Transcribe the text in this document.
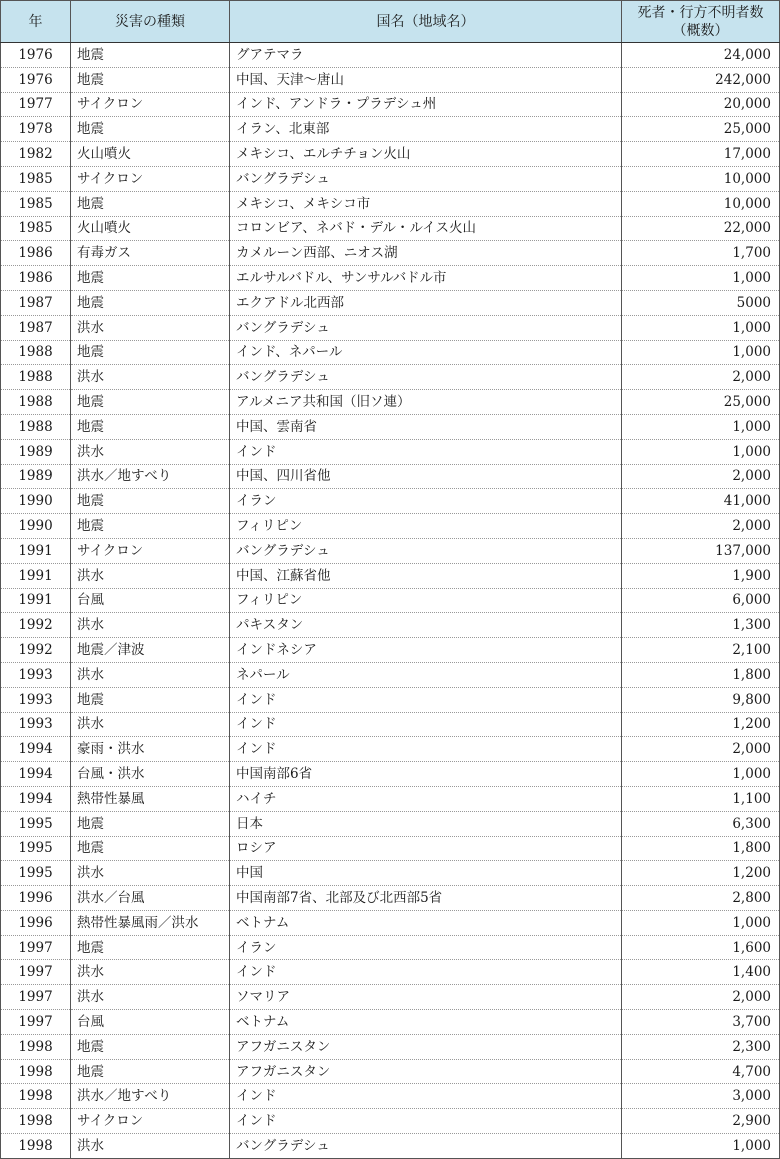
年	災害の種類	国名（地域名）	死者・行方不明者数
（概数）
1976	地震	グアテマラ	24,000
1976	地震	中国、天津～唐山	242,000
1977	サイクロン	インド、アンドラ・プラデシュ州	20,000
1978	地震	イラン、北東部	25,000
1982	火山噴火	メキシコ、エルチチョン火山	17,000
1985	サイクロン	バングラデシュ	10,000
1985	地震	メキシコ、メキシコ市	10,000
1985	火山噴火	コロンビア、ネバド・デル・ルイス火山	22,000
1986	有毒ガス	カメルーン西部、ニオス湖	1,700
1986	地震	エルサルバドル、サンサルバドル市	1,000
1987	地震	エクアドル北西部	5000
1987	洪水	バングラデシュ	1,000
1988	地震	インド、ネパール	1,000
1988	洪水	バングラデシュ	2,000
1988	地震	アルメニア共和国（旧ソ連）	25,000
1988	地震	中国、雲南省	1,000
1989	洪水	インド	1,000
1989	洪水／地すべり	中国、四川省他	2,000
1990	地震	イラン	41,000
1990	地震	フィリピン	2,000
1991	サイクロン	バングラデシュ	137,000
1991	洪水	中国、江蘇省他	1,900
1991	台風	フィリピン	6,000
1992	洪水	パキスタン	1,300
1992	地震／津波	インドネシア	2,100
1993	洪水	ネパール	1,800
1993	地震	インド	9,800
1993	洪水	インド	1,200
1994	豪雨・洪水	インド	2,000
1994	台風・洪水	中国南部6省	1,000
1994	熱帯性暴風	ハイチ	1,100
1995	地震	日本	6,300
1995	地震	ロシア	1,800
1995	洪水	中国	1,200
1996	洪水／台風	中国南部7省、北部及び北西部5省	2,800
1996	熱帯性暴風雨／洪水	ベトナム	1,000
1997	地震	イラン	1,600
1997	洪水	インド	1,400
1997	洪水	ソマリア	2,000
1997	台風	ベトナム	3,700
1998	地震	アフガニスタン	2,300
1998	地震	アフガニスタン	4,700
1998	洪水／地すべり	インド	3,000
1998	サイクロン	インド	2,900
1998	洪水	バングラデシュ	1,000
